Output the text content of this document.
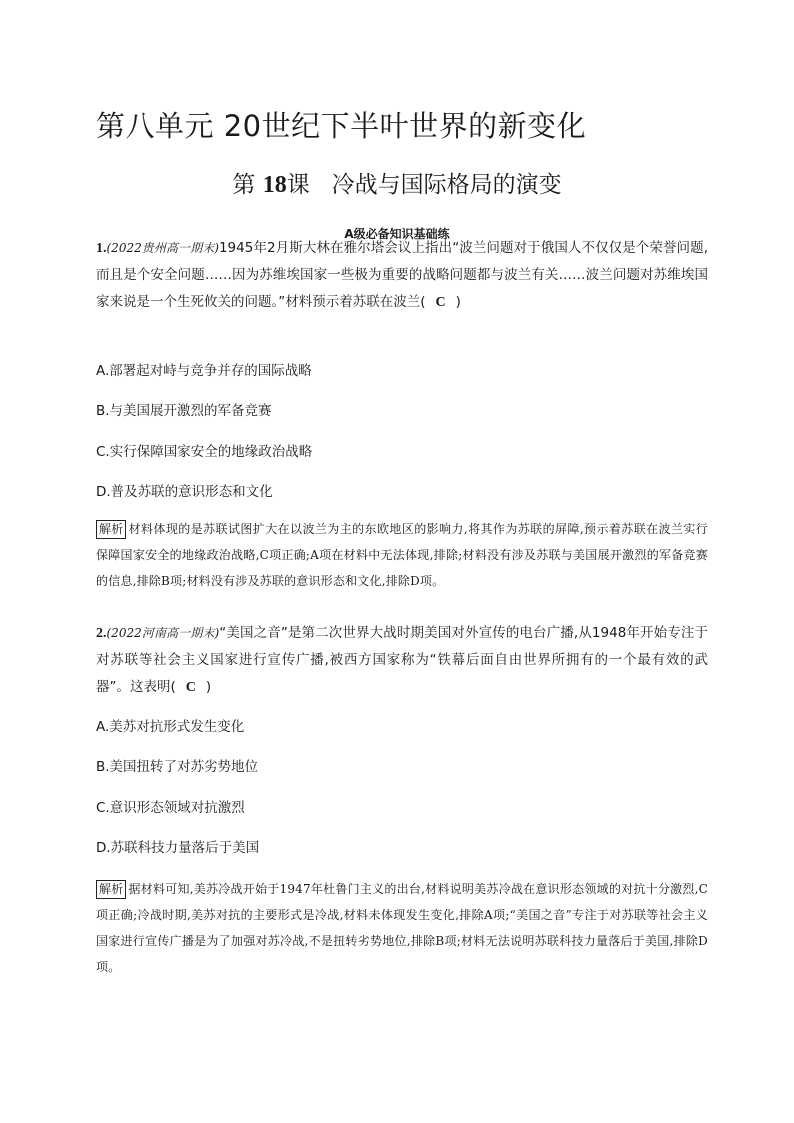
第八单元 20世纪下半叶世界的新变化
第 18课 冷战与国际格局的演变
A级必备知识基础练

1.(2022贵州高一期末)1945年2月斯大林在雅尔塔会议上指出“波兰问题对于俄国人不仅仅是个荣誉问题,而且是个安全问题……因为苏维埃国家一些极为重要的战略问题都与波兰有关……波兰问题对苏维埃国家来说是一个生死攸关的问题。”材料预示着苏联在波兰( C )

A.部署起对峙与竞争并存的国际战略

B.与美国展开激烈的军备竞赛

C.实行保障国家安全的地缘政治战略

D.普及苏联的意识形态和文化

解析 材料体现的是苏联试图扩大在以波兰为主的东欧地区的影响力,将其作为苏联的屏障,预示着苏联在波兰实行保障国家安全的地缘政治战略,C项正确;A项在材料中无法体现,排除;材料没有涉及苏联与美国展开激烈的军备竞赛的信息,排除B项;材料没有涉及苏联的意识形态和文化,排除D项。

2.(2022河南高一期末)“美国之音”是第二次世界大战时期美国对外宣传的电台广播,从1948年开始专注于对苏联等社会主义国家进行宣传广播,被西方国家称为“铁幕后面自由世界所拥有的一个最有效的武器”。这表明( C )

A.美苏对抗形式发生变化

B.美国扭转了对苏劣势地位

C.意识形态领域对抗激烈

D.苏联科技力量落后于美国

解析 据材料可知,美苏冷战开始于1947年杜鲁门主义的出台,材料说明美苏冷战在意识形态领域的对抗十分激烈,C项正确;冷战时期,美苏对抗的主要形式是冷战,材料未体现发生变化,排除A项;“美国之音”专注于对苏联等社会主义国家进行宣传广播是为了加强对苏冷战,不是扭转劣势地位,排除B项;材料无法说明苏联科技力量落后于美国,排除D项。
